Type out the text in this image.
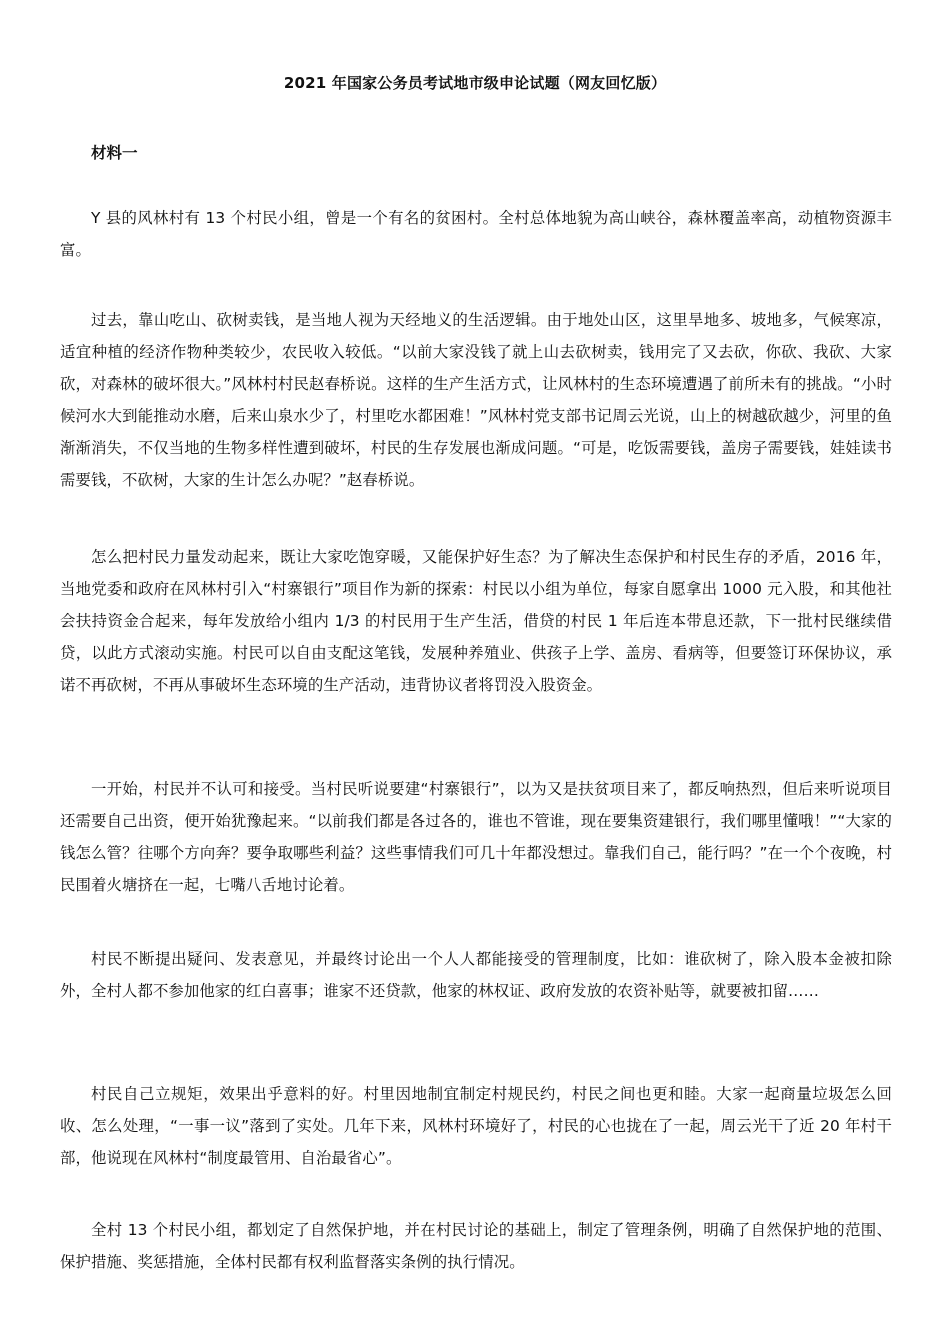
2021 年国家公务员考试地市级申论试题（网友回忆版）
材料一

Y 县的风林村有 13 个村民小组，曾是一个有名的贫困村。全村总体地貌为高山峡谷，森林覆盖率高，动植物资源丰富。

过去，靠山吃山、砍树卖钱，是当地人视为天经地义的生活逻辑。由于地处山区，这里旱地多、坡地多，气候寒凉，适宜种植的经济作物种类较少，农民收入较低。“以前大家没钱了就上山去砍树卖，钱用完了又去砍，你砍、我砍、大家砍，对森林的破坏很大。”风林村村民赵春桥说。这样的生产生活方式，让风林村的生态环境遭遇了前所未有的挑战。“小时候河水大到能推动水磨，后来山泉水少了，村里吃水都困难！”风林村党支部书记周云光说，山上的树越砍越少，河里的鱼渐渐消失，不仅当地的生物多样性遭到破坏，村民的生存发展也渐成问题。“可是，吃饭需要钱，盖房子需要钱，娃娃读书需要钱，不砍树，大家的生计怎么办呢？”赵春桥说。

怎么把村民力量发动起来，既让大家吃饱穿暖，又能保护好生态？为了解决生态保护和村民生存的矛盾，2016 年，当地党委和政府在风林村引入“村寨银行”项目作为新的探索：村民以小组为单位，每家自愿拿出 1000 元入股，和其他社会扶持资金合起来，每年发放给小组内 1/3 的村民用于生产生活，借贷的村民 1 年后连本带息还款，下一批村民继续借贷，以此方式滚动实施。村民可以自由支配这笔钱，发展种养殖业、供孩子上学、盖房、看病等，但要签订环保协议，承诺不再砍树，不再从事破坏生态环境的生产活动，违背协议者将罚没入股资金。

一开始，村民并不认可和接受。当村民听说要建“村寨银行”，以为又是扶贫项目来了，都反响热烈，但后来听说项目还需要自己出资，便开始犹豫起来。“以前我们都是各过各的，谁也不管谁，现在要集资建银行，我们哪里懂哦！”“大家的钱怎么管？往哪个方向奔？要争取哪些利益？这些事情我们可几十年都没想过。靠我们自己，能行吗？”在一个个夜晚，村民围着火塘挤在一起，七嘴八舌地讨论着。

村民不断提出疑问、发表意见，并最终讨论出一个人人都能接受的管理制度，比如：谁砍树了，除入股本金被扣除外，全村人都不参加他家的红白喜事；谁家不还贷款，他家的林权证、政府发放的农资补贴等，就要被扣留……

村民自己立规矩，效果出乎意料的好。村里因地制宜制定村规民约，村民之间也更和睦。大家一起商量垃圾怎么回收、怎么处理，“一事一议”落到了实处。几年下来，风林村环境好了，村民的心也拢在了一起，周云光干了近 20 年村干部，他说现在风林村“制度最管用、自治最省心”。

全村 13 个村民小组，都划定了自然保护地，并在村民讨论的基础上，制定了管理条例，明确了自然保护地的范围、保护措施、奖惩措施，全体村民都有权利监督落实条例的执行情况。
